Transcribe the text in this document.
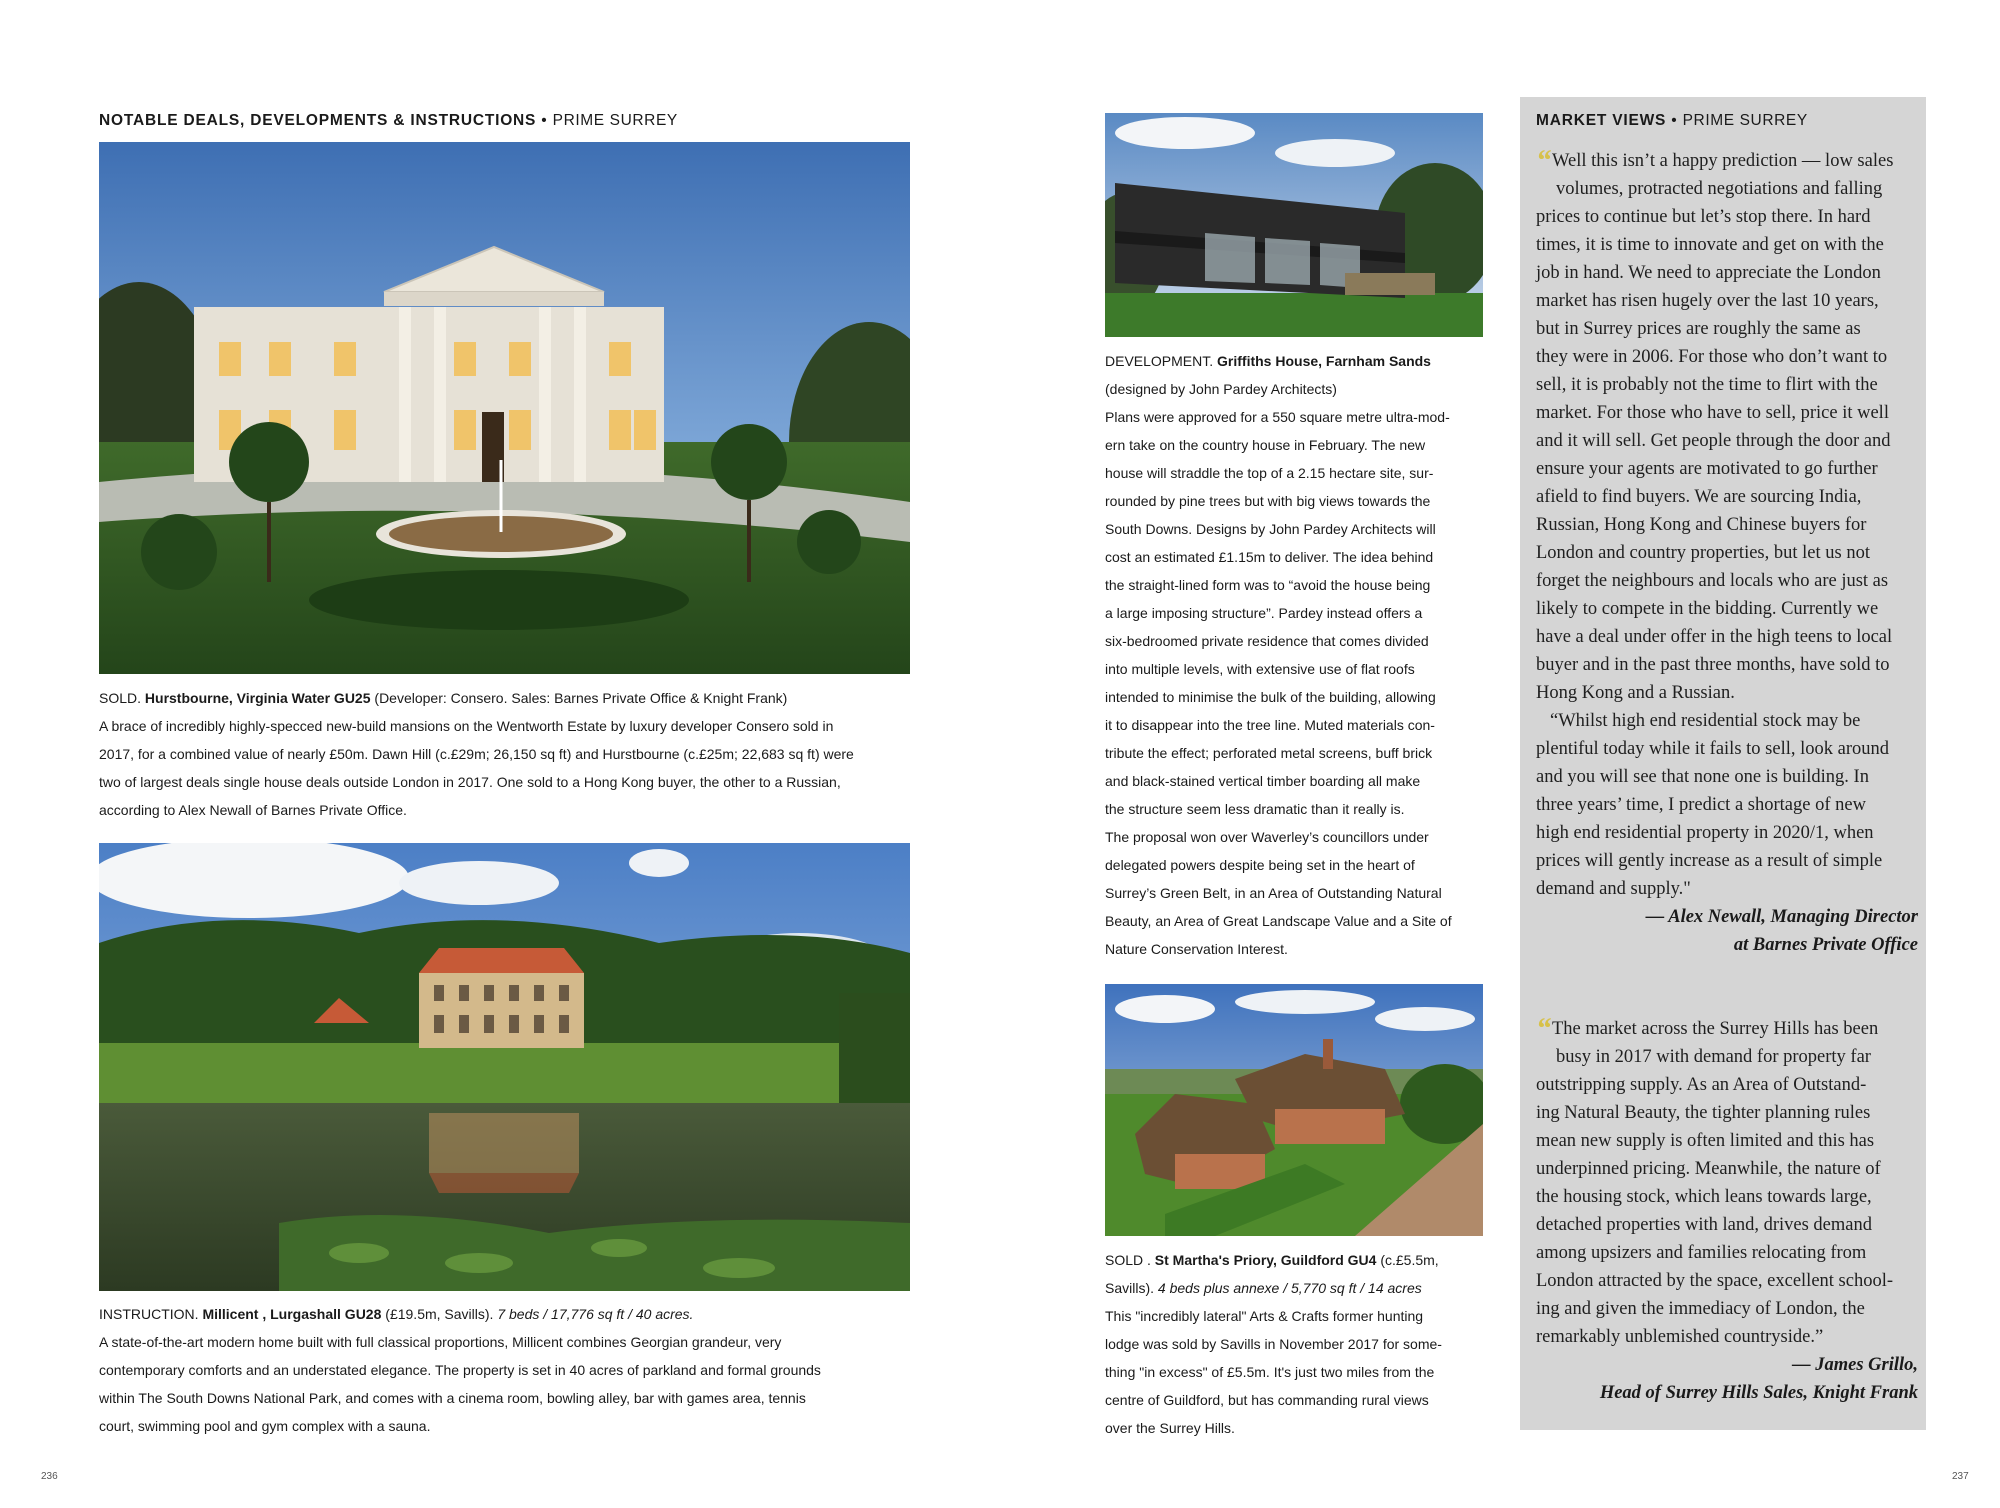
NOTABLE DEALS, DEVELOPMENTS & INSTRUCTIONS • PRIME SURREY

SOLD. Hurstbourne, Virginia Water GU25 (Developer: Consero. Sales: Barnes Private Office & Knight Frank)

A brace of incredibly highly-specced new-build mansions on the Wentworth Estate by luxury developer Consero sold in

2017, for a combined value of nearly £50m. Dawn Hill (c.£29m; 26,150 sq ft) and Hurstbourne (c.£25m; 22,683 sq ft) were

two of largest deals single house deals outside London in 2017. One sold to a Hong Kong buyer, the other to a Russian,

according to Alex Newall of Barnes Private Office.

INSTRUCTION. Millicent , Lurgashall GU28 (£19.5m, Savills). 7 beds / 17,776 sq ft / 40 acres.

A state-of-the-art modern home built with full classical proportions, Millicent combines Georgian grandeur, very

contemporary comforts and an understated elegance. The property is set in 40 acres of parkland and formal grounds

within The South Downs National Park, and comes with a cinema room, bowling alley, bar with games area, tennis

court, swimming pool and gym complex with a sauna.

236

DEVELOPMENT. Griffiths House, Farnham Sands

(designed by John Pardey Architects)

Plans were approved for a 550 square metre ultra-mod-

ern take on the country house in February. The new

house will straddle the top of a 2.15 hectare site, sur-

rounded by pine trees but with big views towards the

South Downs. Designs by John Pardey Architects will

cost an estimated £1.15m to deliver. The idea behind

the straight-lined form was to “avoid the house being

a large imposing structure”. Pardey instead offers a

six-bedroomed private residence that comes divided

into multiple levels, with extensive use of flat roofs

intended to minimise the bulk of the building, allowing

it to disappear into the tree line. Muted materials con-

tribute the effect; perforated metal screens, buff brick

and black-stained vertical timber boarding all make

the structure seem less dramatic than it really is.

The proposal won over Waverley’s councillors under

delegated powers despite being set in the heart of

Surrey’s Green Belt, in an Area of Outstanding Natural

Beauty, an Area of Great Landscape Value and a Site of

Nature Conservation Interest.

SOLD . St Martha's Priory, Guildford GU4 (c.£5.5m,

Savills). 4 beds plus annexe / 5,770 sq ft / 14 acres

This "incredibly lateral" Arts & Crafts former hunting

lodge was sold by Savills in November 2017 for some-

thing "in excess" of £5.5m. It's just two miles from the

centre of Guildford, but has commanding rural views

over the Surrey Hills.

MARKET VIEWS • PRIME SURREY

“Well this isn’t a happy prediction — low sales

volumes, protracted negotiations and falling

prices to continue but let’s stop there. In hard

times, it is time to innovate and get on with the

job in hand. We need to appreciate the London

market has risen hugely over the last 10 years,

but in Surrey prices are roughly the same as

they were in 2006. For those who don’t want to

sell, it is probably not the time to flirt with the

market. For those who have to sell, price it well

and it will sell. Get people through the door and

ensure your agents are motivated to go further

afield to find buyers. We are sourcing India,

Russian, Hong Kong and Chinese buyers for

London and country properties, but let us not

forget the neighbours and locals who are just as

likely to compete in the bidding. Currently we

have a deal under offer in the high teens to local

buyer and in the past three months, have sold to

Hong Kong and a Russian.

“Whilst high end residential stock may be

plentiful today while it fails to sell, look around

and you will see that none one is building. In

three years’ time, I predict a shortage of new

high end residential property in 2020/1, when

prices will gently increase as a result of simple

demand and supply."

— Alex Newall, Managing Director
at Barnes Private Office

“The market across the Surrey Hills has been

busy in 2017 with demand for property far

outstripping supply. As an Area of Outstand-

ing Natural Beauty, the tighter planning rules

mean new supply is often limited and this has

underpinned pricing. Meanwhile, the nature of

the housing stock, which leans towards large,

detached properties with land, drives demand

among upsizers and families relocating from

London attracted by the space, excellent school-

ing and given the immediacy of London, the

remarkably unblemished countryside.”

— James Grillo,
Head of Surrey Hills Sales, Knight Frank
237
